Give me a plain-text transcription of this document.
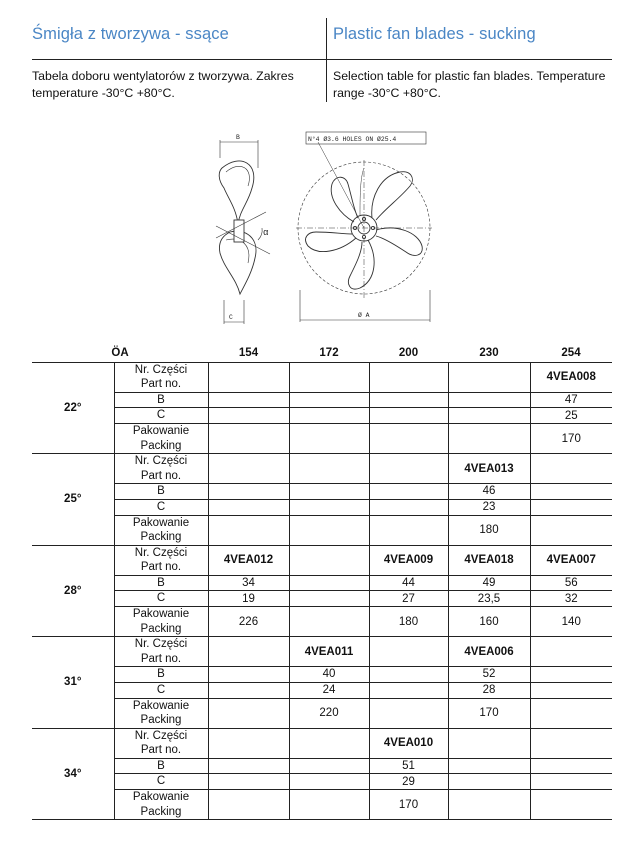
Śmigła z tworzywa - ssące
Tabela doboru wentylatorów z tworzywa. Zakres temperature -30°C +80°C.
Plastic fan blades - sucking
Selection table for plastic fan blades. Temperature range -30°C +80°C.
N°4 Ø3.6 HOLES ON Ø25.4
B
C
α
Ø A
ÖA		154	172	200	230	254
22°	Nr. Części
Part no.					4VEA008
	B					47
	C					25

	Pakowanie
Packing					170
25°	Nr. Części
Part no.				4VEA013	
	B				46	
	C				23	

	Pakowanie
Packing				180	
28°	Nr. Części
Part no.	4VEA012		4VEA009	4VEA018	4VEA007
	B	34		44	49	56
	C	19		27	23,5	32

	Pakowanie
Packing	226		180	160	140
31°	Nr. Części
Part no.		4VEA011		4VEA006	
	B		40		52	
	C		24		28	

	Pakowanie
Packing		220		170	
34°	Nr. Części
Part no.			4VEA010		
	B			51		
	C			29		

	Pakowanie
Packing			170		
